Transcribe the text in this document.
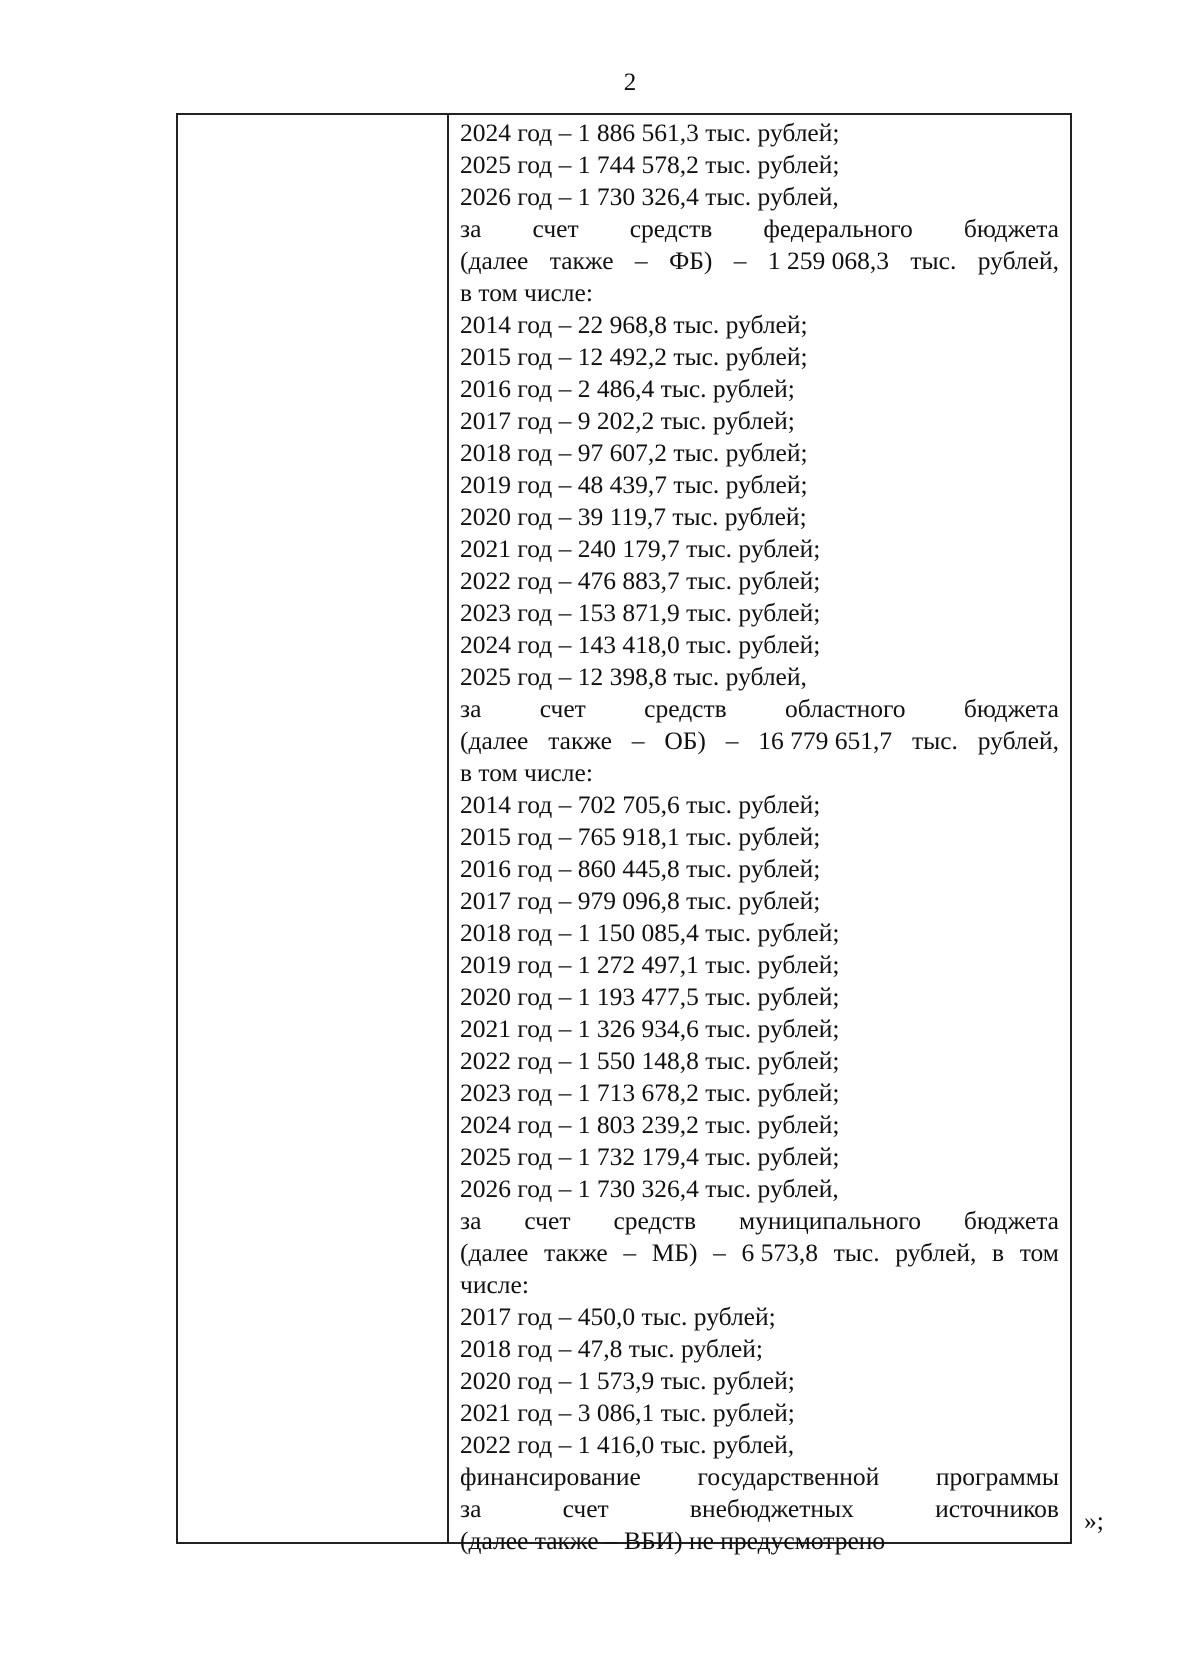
2
2024 год – 1 886 561,3 тыс. рублей;
2025 год – 1 744 578,2 тыс. рублей;
2026 год – 1 730 326,4 тыс. рублей,
за счет средств федерального бюджета
(далее также – ФБ) – 1 259 068,3 тыс. рублей,
в том числе:
2014 год – 22 968,8 тыс. рублей;
2015 год – 12 492,2 тыс. рублей;
2016 год – 2 486,4 тыс. рублей;
2017 год – 9 202,2 тыс. рублей;
2018 год – 97 607,2 тыс. рублей;
2019 год – 48 439,7 тыс. рублей;
2020 год – 39 119,7 тыс. рублей;
2021 год – 240 179,7 тыс. рублей;
2022 год – 476 883,7 тыс. рублей;
2023 год – 153 871,9 тыс. рублей;
2024 год – 143 418,0 тыс. рублей;
2025 год – 12 398,8 тыс. рублей,
за счет средств областного бюджета
(далее также – ОБ) – 16 779 651,7 тыс. рублей,
в том числе:
2014 год – 702 705,6 тыс. рублей;
2015 год – 765 918,1 тыс. рублей;
2016 год – 860 445,8 тыс. рублей;
2017 год – 979 096,8 тыс. рублей;
2018 год – 1 150 085,4 тыс. рублей;
2019 год – 1 272 497,1 тыс. рублей;
2020 год – 1 193 477,5 тыс. рублей;
2021 год – 1 326 934,6 тыс. рублей;
2022 год – 1 550 148,8 тыс. рублей;
2023 год – 1 713 678,2 тыс. рублей;
2024 год – 1 803 239,2 тыс. рублей;
2025 год – 1 732 179,4 тыс. рублей;
2026 год – 1 730 326,4 тыс. рублей,
за счет средств муниципального бюджета
(далее также – МБ) – 6 573,8 тыс. рублей, в том
числе:
2017 год – 450,0 тыс. рублей;
2018 год – 47,8 тыс. рублей;
2020 год – 1 573,9 тыс. рублей;
2021 год – 3 086,1 тыс. рублей;
2022 год – 1 416,0 тыс. рублей,
финансирование государственной программы
за	счет	внебюджетных	источников
(далее также – ВБИ) не предусмотрено
»;
